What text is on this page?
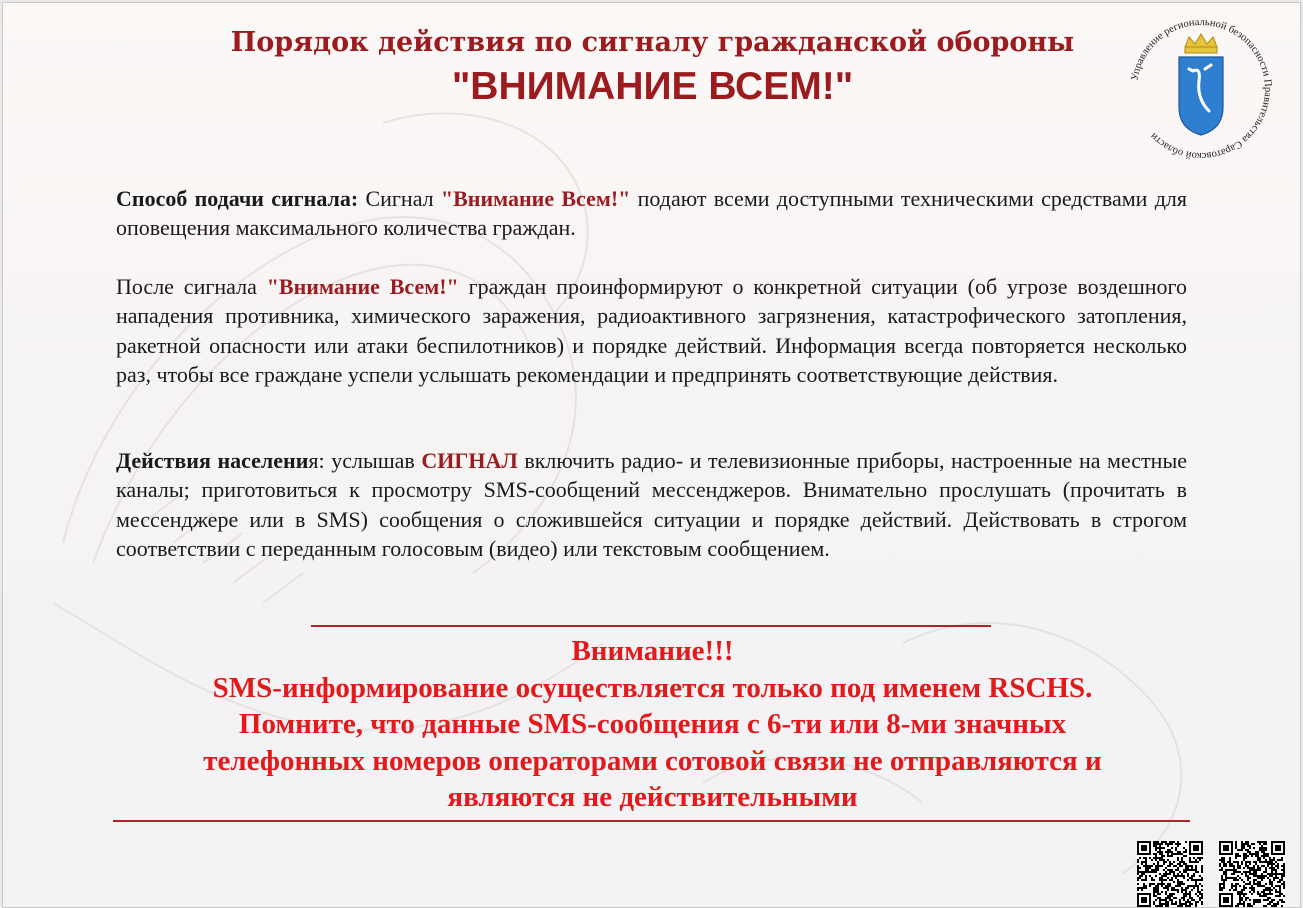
Порядок действия по сигналу гражданской обороны
"ВНИМАНИЕ ВСЕМ!"	Управление региональной безопасности Правительства Саратовской области

Способ подачи сигнала: Сигнал "Внимание Всем!" подают всеми доступными техническими средствами для оповещения максимального количества граждан.

После сигнала "Внимание Всем!" граждан проинформируют о конкретной ситуации (об угрозе воздешного нападения противника, химического заражения, радиоактивного загрязнения, катастрофического затопления, ракетной опасности или атаки беспилотников) и порядке действий. Информация всегда повторяется несколько раз, чтобы все граждане успели услышать рекомендации и предпринять соответствующие действия.

Действия населения: услышав СИГНАЛ включить радио- и телевизионные приборы, настроенные на местные каналы; приготовиться к просмотру SMS-сообщений мессенджеров. Внимательно прослушать (прочитать в мессенджере или в SMS) сообщения о сложившейся ситуации и порядке действий. Действовать в строгом соответствии с переданным голосовым (видео) или текстовым сообщением.

Внимание!!!
SMS-информирование осуществляется только под именем RSCHS.
Помните, что данные SMS-сообщения с 6-ти или 8-ми значных
телефонных номеров операторами сотовой связи не отправляются и
являются не действительными
